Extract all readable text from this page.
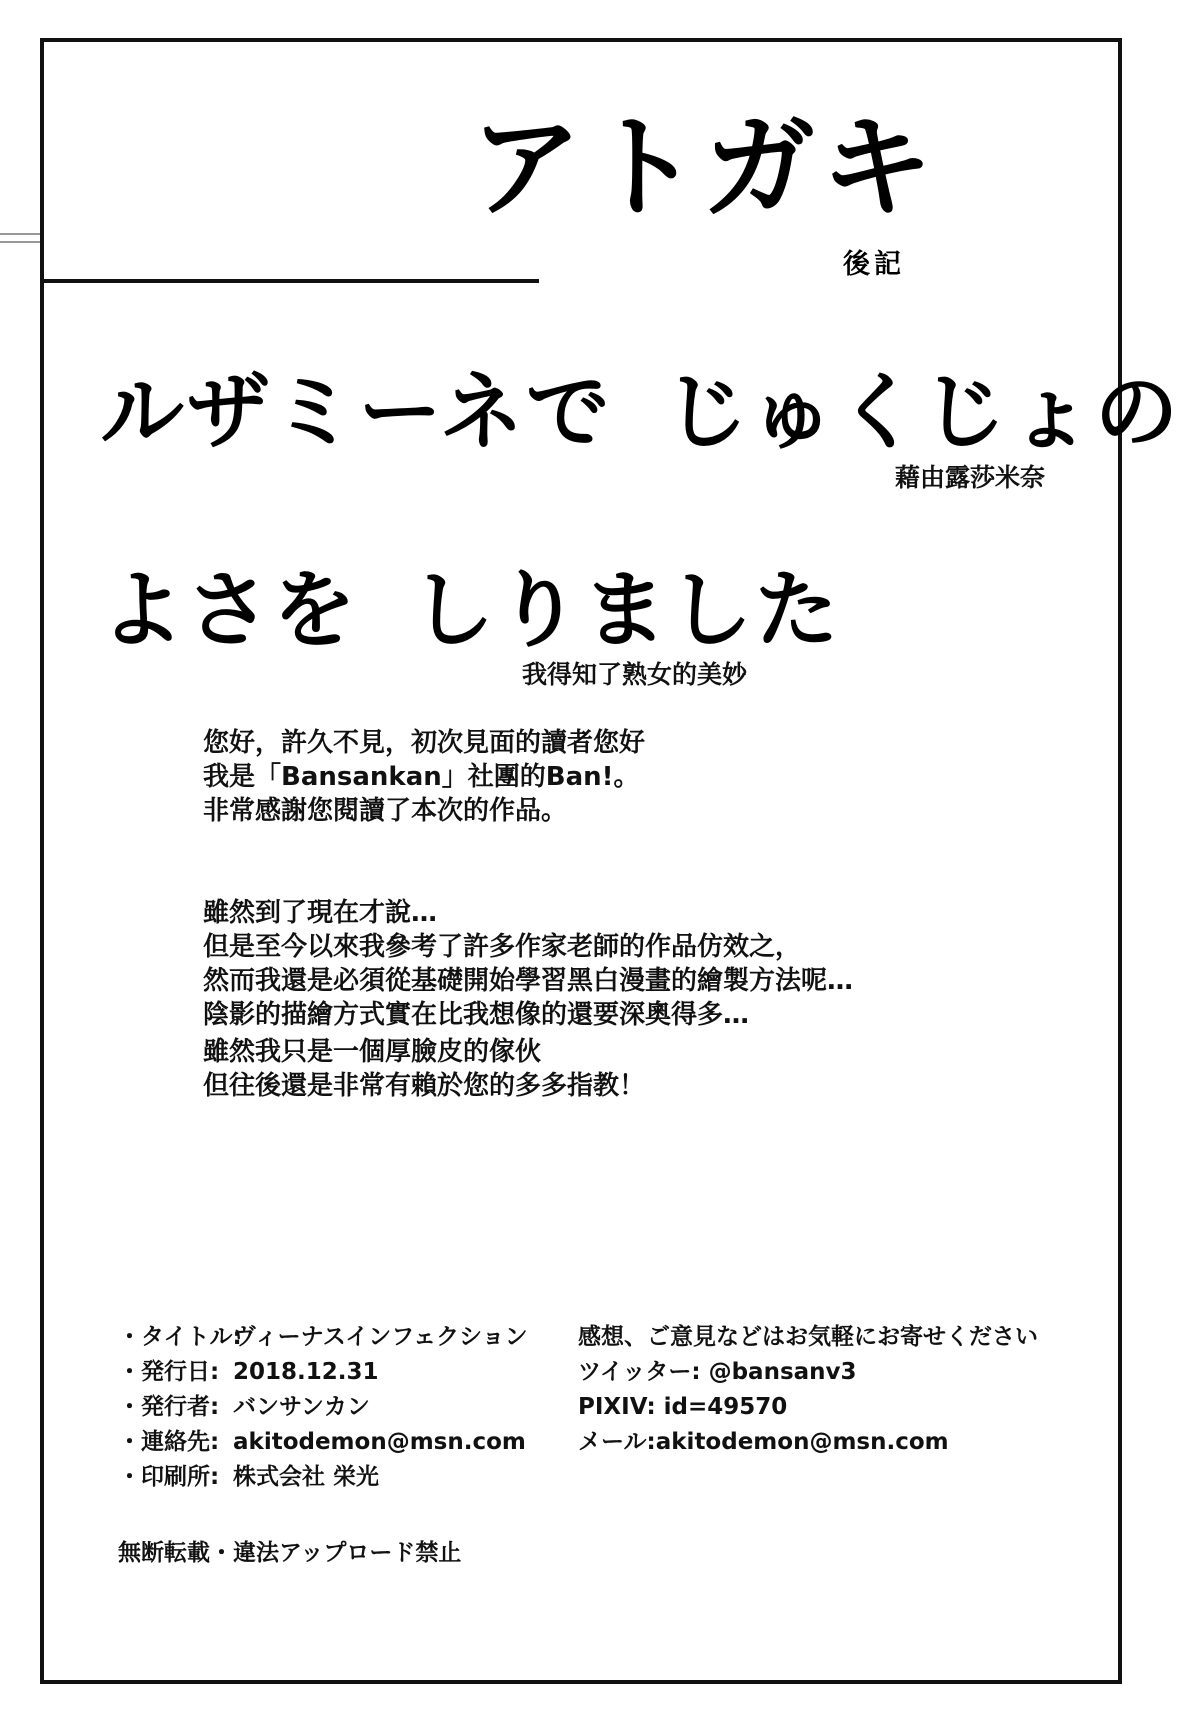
アトガキ
後記
ルザミーネで じゅくじょの
藉由露莎米奈
よさを しりました
我得知了熟女的美妙
您好，許久不見，初次見面的讀者您好
我是「Bansankan」社團的Ban!。
非常感謝您閱讀了本次的作品。
雖然到了現在才說…
但是至今以來我參考了許多作家老師的作品仿效之，
然而我還是必須從基礎開始學習黑白漫畫的繪製方法呢…
陰影的描繪方式實在比我想像的還要深奧得多…
雖然我只是一個厚臉皮的傢伙
但往後還是非常有賴於您的多多指教！
・タイトル:
ヴィーナスインフェクション
・発行日: 2018.12.31
・発行者: バンサンカン
・連絡先: akitodemon@msn.com
・印刷所: 株式会社 栄光
感想、ご意見などはお気軽にお寄せください
ツイッター: @bansanv3
PIXIV: id=49570
メール:akitodemon@msn.com
無断転載・違法アップロード禁止
